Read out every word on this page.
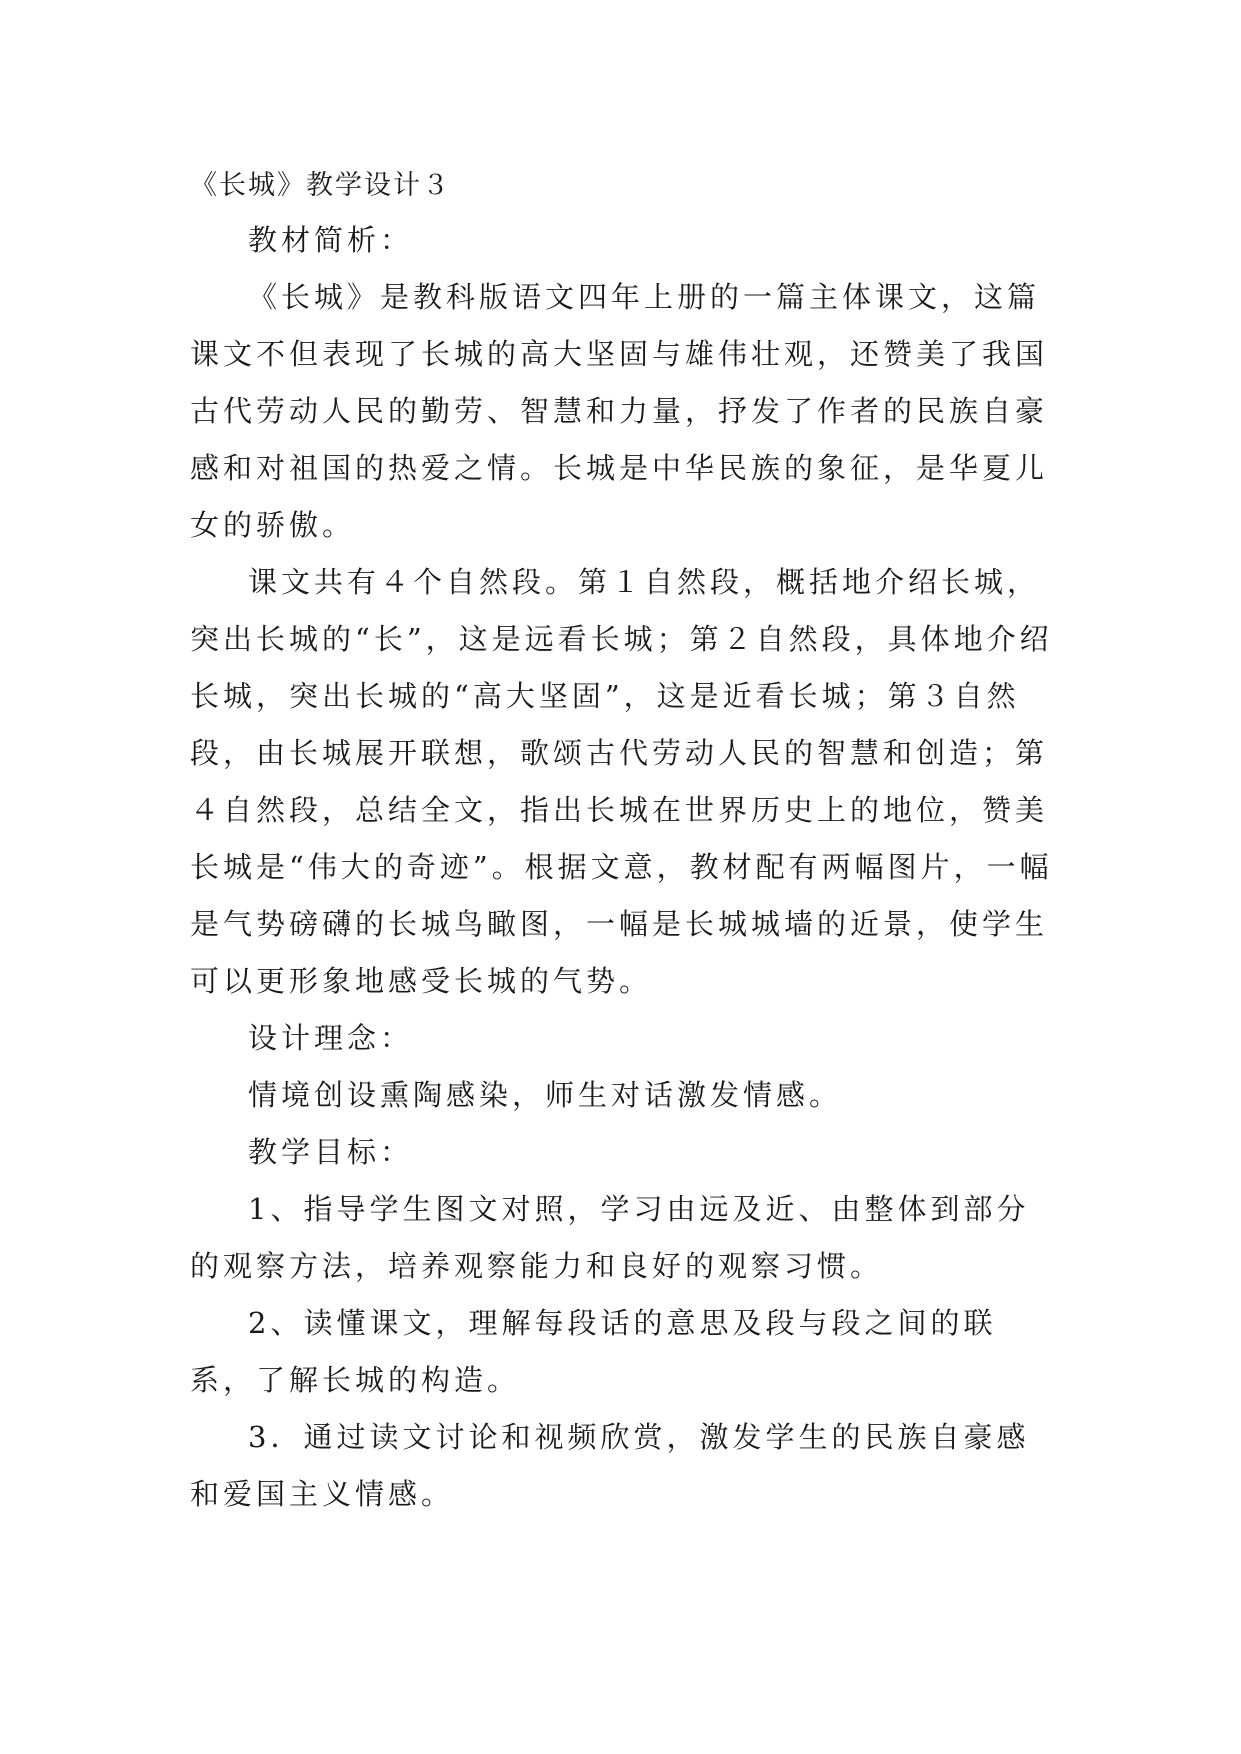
《长城》教学设计３

教材简析：

《长城》是教科版语文四年上册的一篇主体课文，这篇课文不但表现了长城的高大坚固与雄伟壮观，还赞美了我国古代劳动人民的勤劳、智慧和力量，抒发了作者的民族自豪感和对祖国的热爱之情。长城是中华民族的象征，是华夏儿女的骄傲。

课文共有４个自然段。第１自然段，概括地介绍长城，突出长城的“长”，这是远看长城；第２自然段，具体地介绍长城，突出长城的“高大坚固”，这是近看长城；第３自然段，由长城展开联想，歌颂古代劳动人民的智慧和创造；第４自然段，总结全文，指出长城在世界历史上的地位，赞美长城是“伟大的奇迹”。根据文意，教材配有两幅图片，一幅是气势磅礴的长城鸟瞰图，一幅是长城城墙的近景，使学生可以更形象地感受长城的气势。

设计理念：

情境创设熏陶感染，师生对话激发情感。

教学目标：

1、指导学生图文对照，学习由远及近、由整体到部分的观察方法，培养观察能力和良好的观察习惯。

2、读懂课文，理解每段话的意思及段与段之间的联系，了解长城的构造。

3．通过读文讨论和视频欣赏，激发学生的民族自豪感和爱国主义情感。
